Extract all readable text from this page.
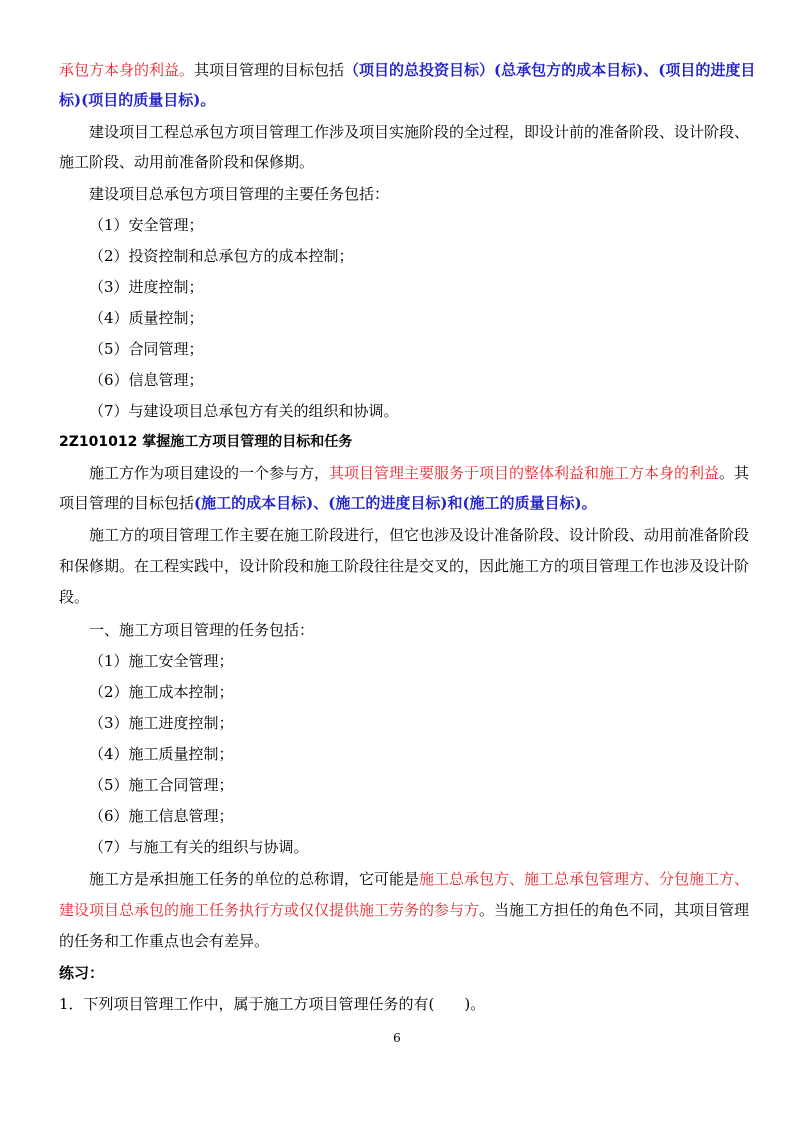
承包方本身的利益。其项目管理的目标包括（项目的总投资目标）(总承包方的成本目标)、(项目的进度目
标)(项目的质量目标)。
建设项目工程总承包方项目管理工作涉及项目实施阶段的全过程，即设计前的准备阶段、设计阶段、
施工阶段、动用前准备阶段和保修期。
建设项目总承包方项目管理的主要任务包括：
（1）安全管理；
（2）投资控制和总承包方的成本控制；
（3）进度控制；
（4）质量控制；
（5）合同管理；
（6）信息管理；
（7）与建设项目总承包方有关的组织和协调。
2Z101012 掌握施工方项目管理的目标和任务
施工方作为项目建设的一个参与方，其项目管理主要服务于项目的整体利益和施工方本身的利益。其
项目管理的目标包括(施工的成本目标)、(施工的进度目标)和(施工的质量目标)。
施工方的项目管理工作主要在施工阶段进行，但它也涉及设计准备阶段、设计阶段、动用前准备阶段
和保修期。在工程实践中，设计阶段和施工阶段往往是交叉的，因此施工方的项目管理工作也涉及设计阶
段。
一、施工方项目管理的任务包括：
（1）施工安全管理；
（2）施工成本控制；
（3）施工进度控制；
（4）施工质量控制；
（5）施工合同管理；
（6）施工信息管理；
（7）与施工有关的组织与协调。
施工方是承担施工任务的单位的总称谓，它可能是施工总承包方、施工总承包管理方、分包施工方、
建设项目总承包的施工任务执行方或仅仅提供施工劳务的参与方。当施工方担任的角色不同，其项目管理
的任务和工作重点也会有差异。
练习：
1．下列项目管理工作中，属于施工方项目管理任务的有(　　)。
6
